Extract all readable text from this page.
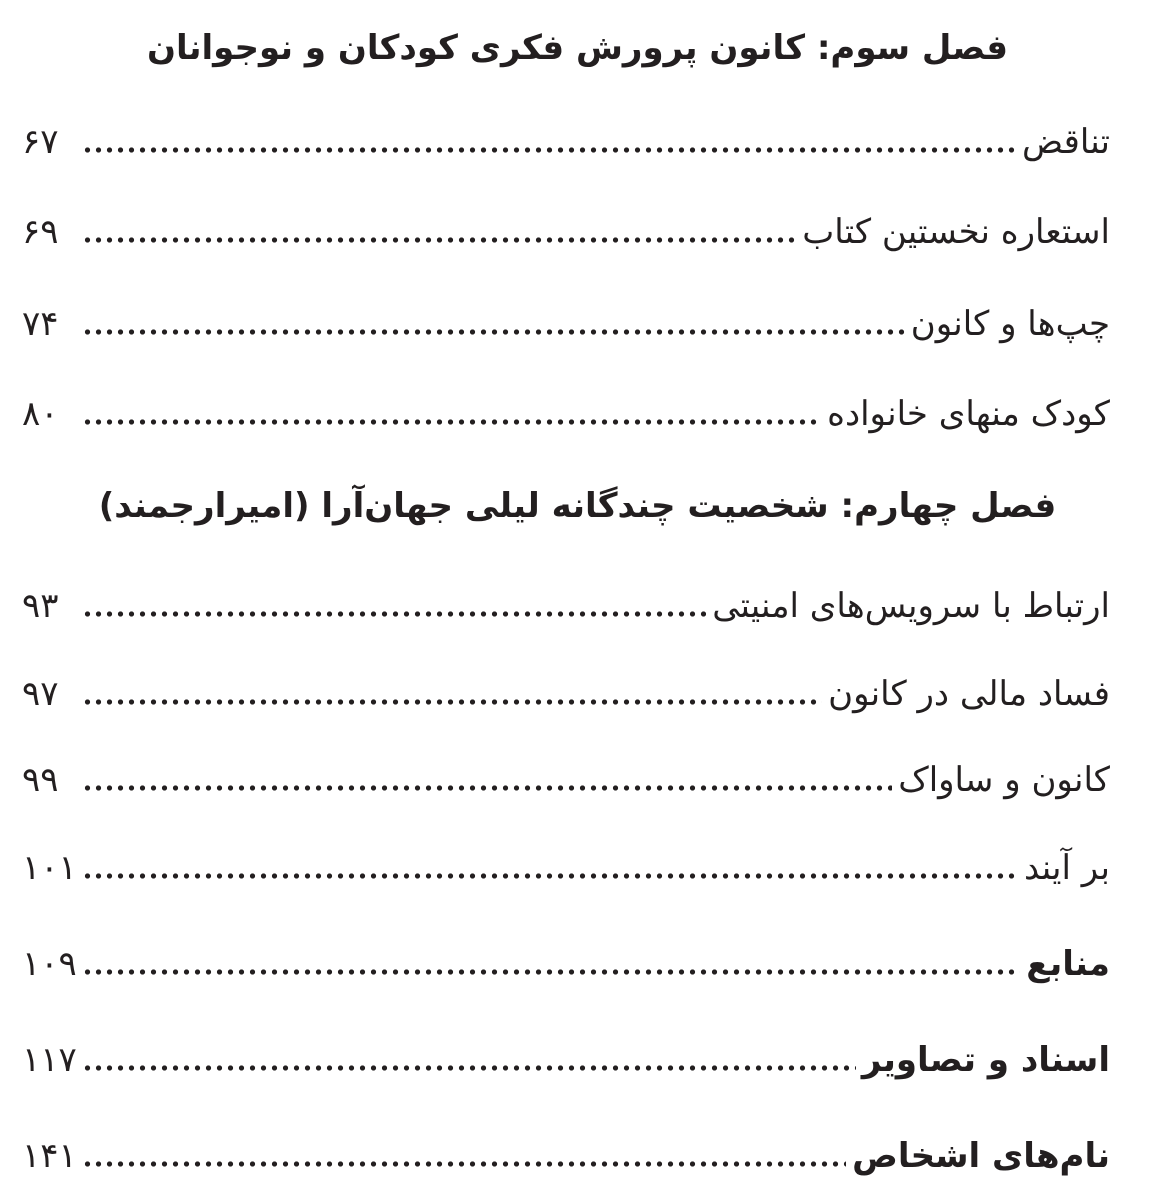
فصل سوم: کانون پرورش فکری کودکان و نوجوانان
تناقض
۶۷
استعاره نخستین کتاب
۶۹
چپ‌ها و کانون
۷۴
کودک منهای خانواده
۸۰
فصل چهارم: شخصیت چندگانه لیلی جهان‌آرا (امیرارجمند)
ارتباط با سرویس‌های امنیتی
۹۳
فساد مالی در کانون
۹۷
کانون و ساواک
۹۹
بر آیند
۱۰۱
منابع
۱۰۹
اسناد و تصاویر
۱۱۷
نام‌های اشخاص
۱۴۱
